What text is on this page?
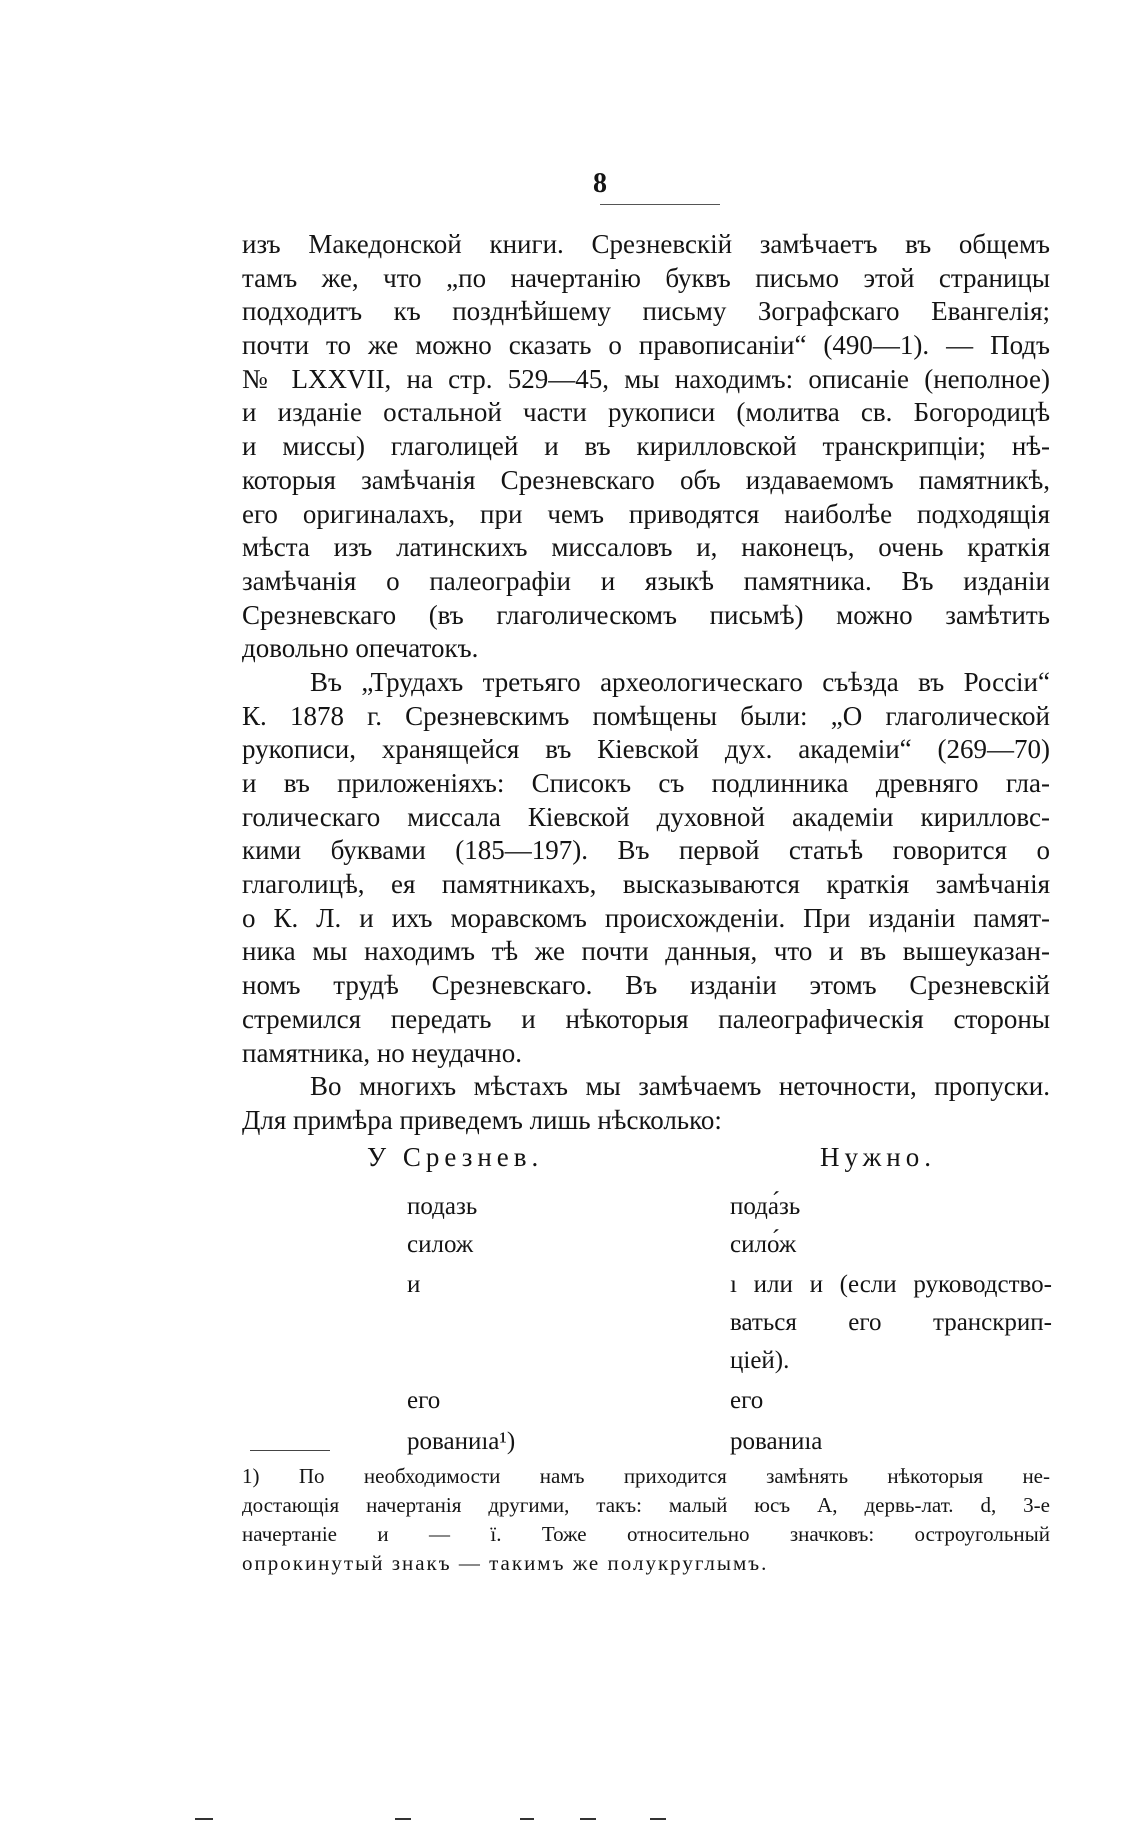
8
изъ Македонской книги. Срезневскій замѣчаетъ въ общемъ
тамъ же, что „по начертанію буквъ письмо этой страницы
подходитъ къ позднѣйшему письму Зографскаго Евангелія;
почти то же можно сказать о правописаніи“ (490—1). — Подъ
№ LXXVII, на стр. 529—45, мы находимъ: описаніе (неполное)
и изданіе остальной части рукописи (молитва св. Богородицѣ
и миссы) глаголицей и въ кирилловской транскрипціи; нѣ-
которыя замѣчанія Срезневскаго объ издаваемомъ памятникѣ,
его оригиналахъ, при чемъ приводятся наиболѣе подходящія
мѣста изъ латинскихъ миссаловъ и, наконецъ, очень краткія
замѣчанія о палеографіи и языкѣ памятника. Въ изданіи
Срезневскаго (въ глаголическомъ письмѣ) можно замѣтить
довольно опечатокъ.
Въ „Трудахъ третьяго археологическаго съѣзда въ Россіи“
К. 1878 г. Срезневскимъ помѣщены были: „О глаголической
рукописи, хранящейся въ Кіевской дух. академіи“ (269—70)
и въ приложеніяхъ: Списокъ съ подлинника древняго гла-
голическаго миссала Кіевской духовной академіи кирилловс-
кими буквами (185—197). Въ первой статьѣ говорится о
глаголицѣ, ея памятникахъ, высказываются краткія замѣчанія
о К. Л. и ихъ моравскомъ происхожденіи. При изданіи памят-
ника мы находимъ тѣ же почти данныя, что и въ вышеуказан-
номъ трудѣ Срезневскаго. Въ изданіи этомъ Срезневскій
стремился передать и нѣкоторыя палеографическія стороны
памятника, но неудачно.
Во многихъ мѣстахъ мы замѣчаемъ неточности, пропуски.
Для примѣра приведемъ лишь нѣсколько:
У Срезнев.	Нужно.
подазь	пода́зь
силож	сило́ж
и	ı или и (если руководство-
ваться его транскрип-
ціей).
его	его
рованиıа¹)	рованиıа
1) По необходимости намъ приходится замѣнять нѣкоторыя не-
достающія начертанія другими, такъ: малый юсъ А, дервь-лат. d, 3-е
начертаніе и — ï. Тоже относительно значковъ: остроугольный
опрокинутый знакъ — такимъ же полукруглымъ.
